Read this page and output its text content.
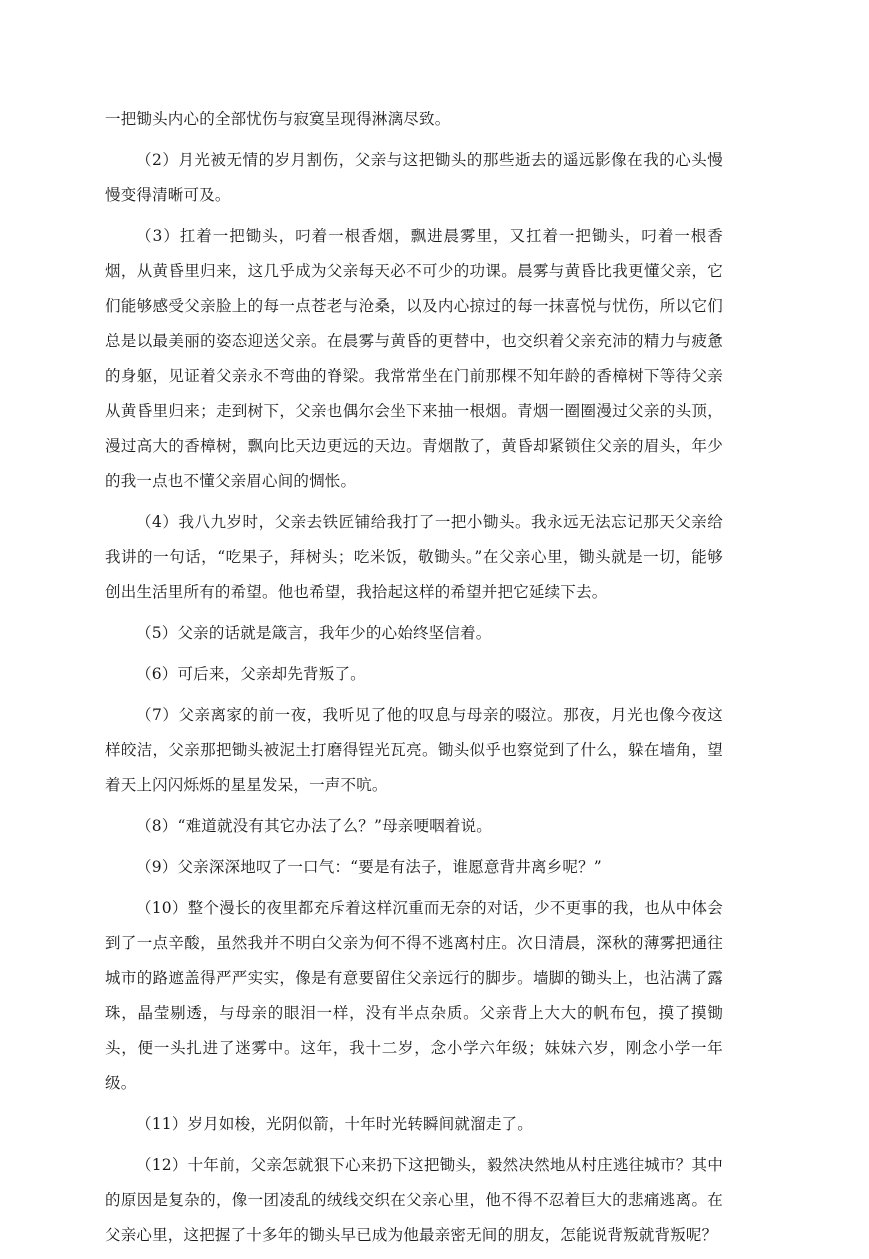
一把锄头内心的全部忧伤与寂寞呈现得淋漓尽致。

（2）月光被无情的岁月割伤，父亲与这把锄头的那些逝去的遥远影像在我的心头慢慢变得清晰可及。

（3）扛着一把锄头，叼着一根香烟，飘进晨雾里，又扛着一把锄头，叼着一根香烟，从黄昏里归来，这几乎成为父亲每天必不可少的功课。晨雾与黄昏比我更懂父亲，它们能够感受父亲脸上的每一点苍老与沧桑，以及内心掠过的每一抹喜悦与忧伤，所以它们总是以最美丽的姿态迎送父亲。在晨雾与黄昏的更替中，也交织着父亲充沛的精力与疲惫的身躯，见证着父亲永不弯曲的脊梁。我常常坐在门前那棵不知年龄的香樟树下等待父亲从黄昏里归来；走到树下，父亲也偶尔会坐下来抽一根烟。青烟一圈圈漫过父亲的头顶，漫过高大的香樟树，飘向比天边更远的天边。青烟散了，黄昏却紧锁住父亲的眉头，年少的我一点也不懂父亲眉心间的惆怅。

（4）我八九岁时，父亲去铁匠铺给我打了一把小锄头。我永远无法忘记那天父亲给我讲的一句话，“吃果子，拜树头；吃米饭，敬锄头。”在父亲心里，锄头就是一切，能够创出生活里所有的希望。他也希望，我拾起这样的希望并把它延续下去。

（5）父亲的话就是箴言，我年少的心始终坚信着。

（6）可后来，父亲却先背叛了。

（7）父亲离家的前一夜，我听见了他的叹息与母亲的啜泣。那夜，月光也像今夜这样皎洁，父亲那把锄头被泥土打磨得锃光瓦亮。锄头似乎也察觉到了什么，躲在墙角，望着天上闪闪烁烁的星星发呆，一声不吭。

（8）“难道就没有其它办法了么？”母亲哽咽着说。

（9）父亲深深地叹了一口气：“要是有法子，谁愿意背井离乡呢？”

（10）整个漫长的夜里都充斥着这样沉重而无奈的对话，少不更事的我，也从中体会到了一点辛酸，虽然我并不明白父亲为何不得不逃离村庄。次日清晨，深秋的薄雾把通往城市的路遮盖得严严实实，像是有意要留住父亲远行的脚步。墙脚的锄头上，也沾满了露珠，晶莹剔透，与母亲的眼泪一样，没有半点杂质。父亲背上大大的帆布包，摸了摸锄头，便一头扎进了迷雾中。这年，我十二岁，念小学六年级；妹妹六岁，刚念小学一年级。

（11）岁月如梭，光阴似箭，十年时光转瞬间就溜走了。

（12）十年前，父亲怎就狠下心来扔下这把锄头，毅然决然地从村庄逃往城市？其中的原因是复杂的，像一团凌乱的绒线交织在父亲心里，他不得不忍着巨大的悲痛逃离。在父亲心里，这把握了十多年的锄头早已成为他最亲密无间的朋友，怎能说背叛就背叛呢？
